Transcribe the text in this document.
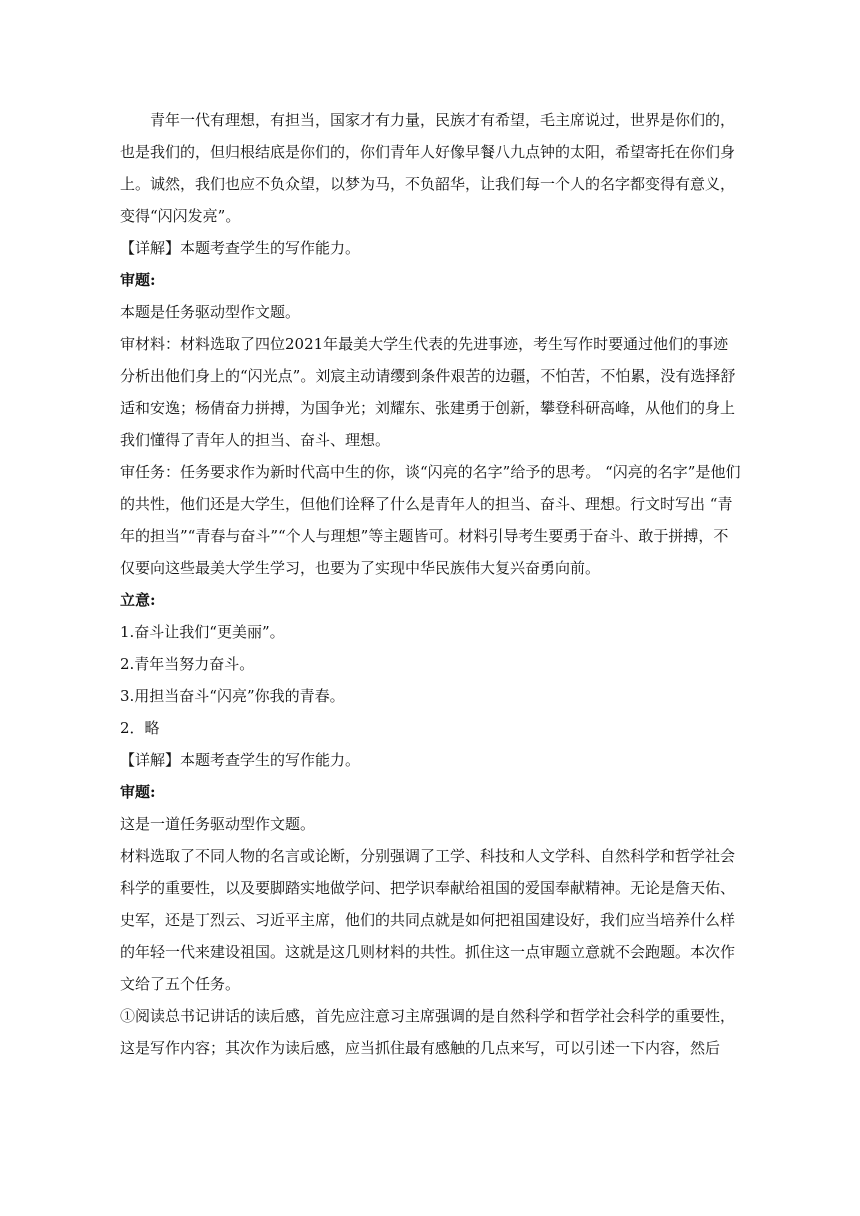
青年一代有理想，有担当，国家才有力量，民族才有希望，毛主席说过，世界是你们的，也是我们的，但归根结底是你们的，你们青年人好像早餐八九点钟的太阳，希望寄托在你们身上。诚然，我们也应不负众望，以梦为马，不负韶华，让我们每一个人的名字都变得有意义，变得“闪闪发亮”。

【详解】本题考查学生的写作能力。

审题:

本题是任务驱动型作文题。

审材料：材料选取了四位2021年最美大学生代表的先进事迹，考生写作时要通过他们的事迹分析出他们身上的“闪光点”。刘宸主动请缨到条件艰苦的边疆，不怕苦，不怕累，没有选择舒适和安逸；杨倩奋力拼搏，为国争光；刘耀东、张建勇于创新，攀登科研高峰，从他们的身上我们懂得了青年人的担当、奋斗、理想。

审任务：任务要求作为新时代高中生的你，谈“闪亮的名字”给予的思考。 “闪亮的名字”是他们的共性，他们还是大学生，但他们诠释了什么是青年人的担当、奋斗、理想。行文时写出 “青年的担当”“青春与奋斗”“个人与理想”等主题皆可。材料引导考生要勇于奋斗、敢于拼搏，不仅要向这些最美大学生学习，也要为了实现中华民族伟大复兴奋勇向前。

立意:

1.奋斗让我们“更美丽”。

2.青年当努力奋斗。

3.用担当奋斗“闪亮”你我的青春。

2．略

【详解】本题考查学生的写作能力。

审题:

这是一道任务驱动型作文题。

材料选取了不同人物的名言或论断，分别强调了工学、科技和人文学科、自然科学和哲学社会科学的重要性，以及要脚踏实地做学问、把学识奉献给祖国的爱国奉献精神。无论是詹天佑、史军，还是丁烈云、习近平主席，他们的共同点就是如何把祖国建设好，我们应当培养什么样的年轻一代来建设祖国。这就是这几则材料的共性。抓住这一点审题立意就不会跑题。本次作文给了五个任务。

①阅读总书记讲话的读后感，首先应注意习主席强调的是自然科学和哲学社会科学的重要性，这是写作内容；其次作为读后感，应当抓住最有感触的几点来写，可以引述一下内容，然后
